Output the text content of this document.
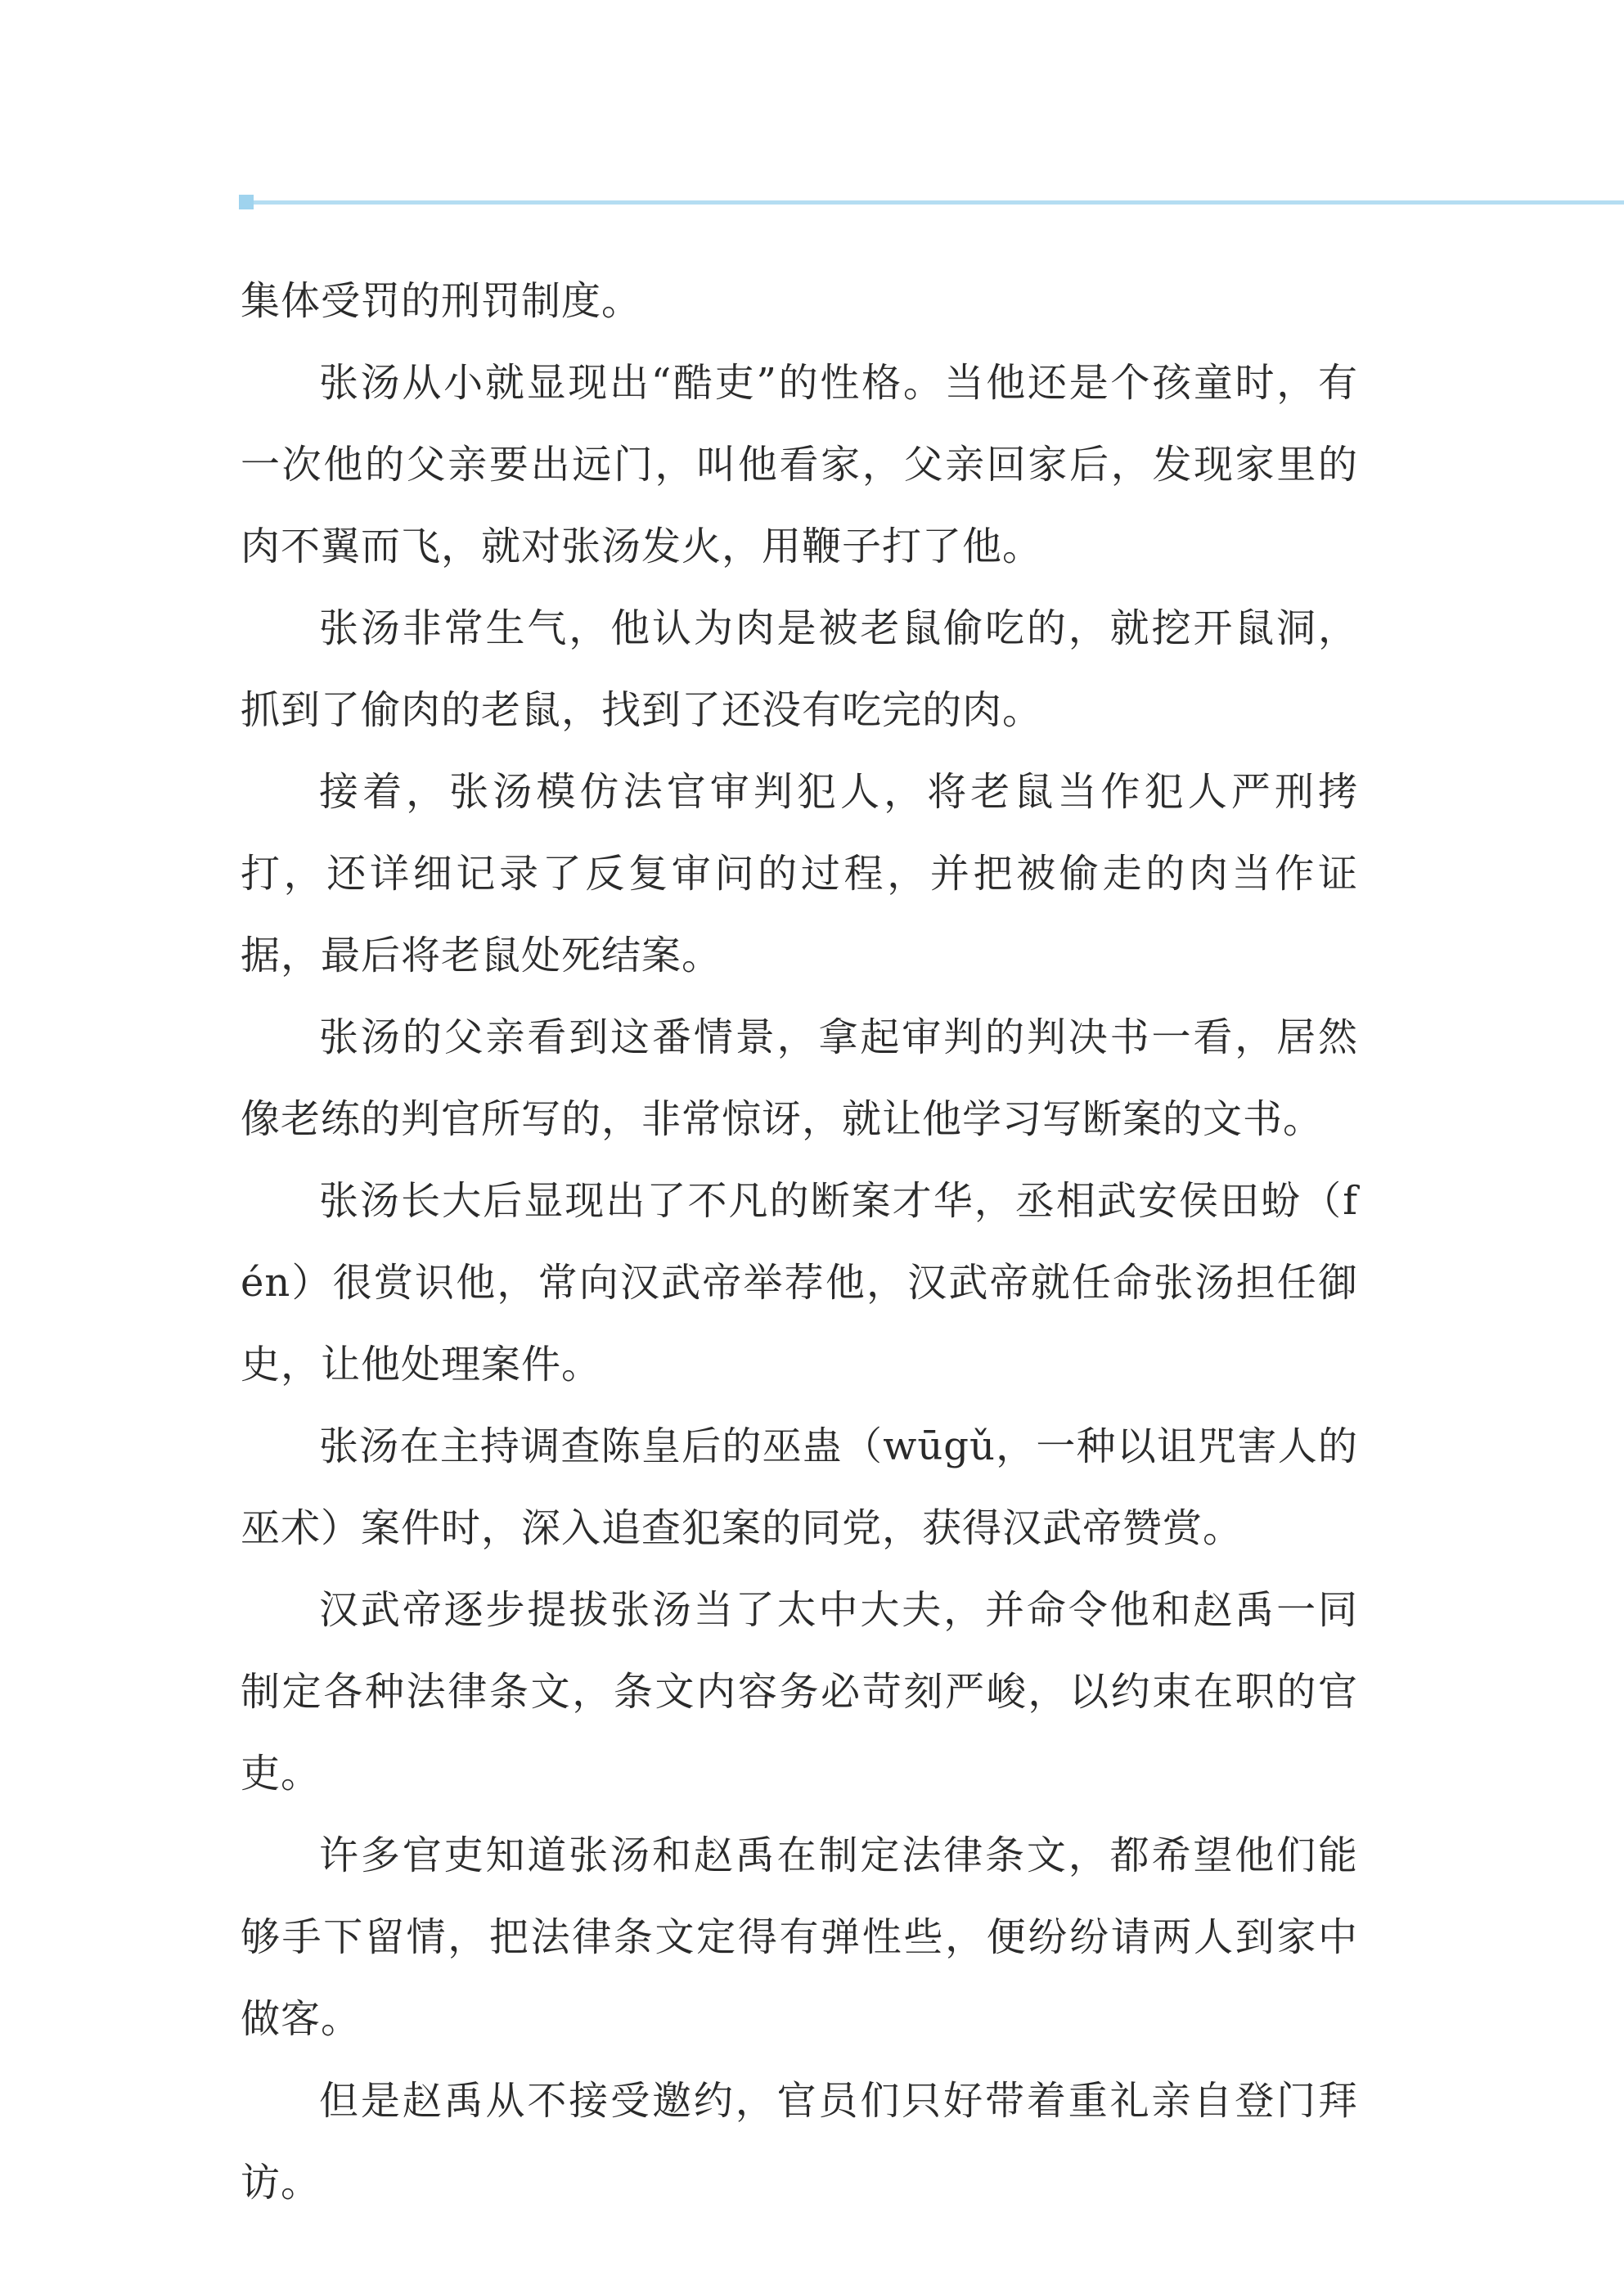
集体受罚的刑罚制度。

张汤从小就显现出“酷吏”的性格。当他还是个孩童时，有一次他的父亲要出远门，叫他看家，父亲回家后，发现家里的肉不翼而飞，就对张汤发火，用鞭子打了他。

张汤非常生气，他认为肉是被老鼠偷吃的，就挖开鼠洞，抓到了偷肉的老鼠，找到了还没有吃完的肉。

接着，张汤模仿法官审判犯人，将老鼠当作犯人严刑拷打，还详细记录了反复审问的过程，并把被偷走的肉当作证据，最后将老鼠处死结案。

张汤的父亲看到这番情景，拿起审判的判决书一看，居然像老练的判官所写的，非常惊讶，就让他学习写断案的文书。

张汤长大后显现出了不凡的断案才华，丞相武安侯田蚡（fén）很赏识他，常向汉武帝举荐他，汉武帝就任命张汤担任御史，让他处理案件。

张汤在主持调查陈皇后的巫蛊（wūgǔ，一种以诅咒害人的巫术）案件时，深入追查犯案的同党，获得汉武帝赞赏。

汉武帝逐步提拔张汤当了太中大夫，并命令他和赵禹一同制定各种法律条文，条文内容务必苛刻严峻，以约束在职的官吏。

许多官吏知道张汤和赵禹在制定法律条文，都希望他们能够手下留情，把法律条文定得有弹性些，便纷纷请两人到家中做客。

但是赵禹从不接受邀约，官员们只好带着重礼亲自登门拜访。
